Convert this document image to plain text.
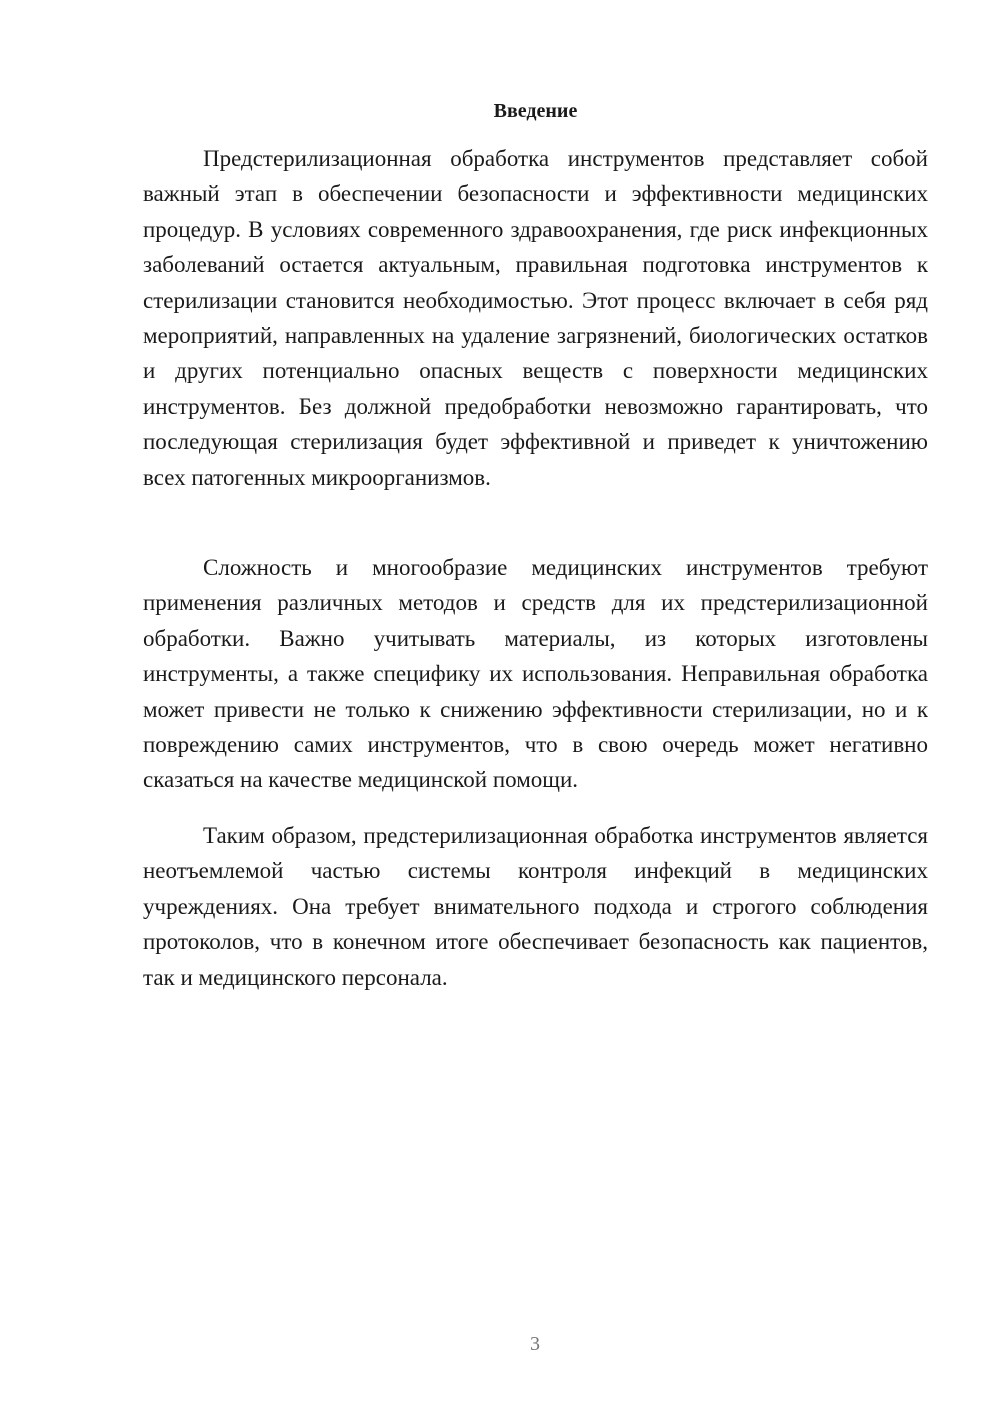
Введение

Предстерилизационная обработка инструментов представляет собой важный этап в обеспечении безопасности и эффективности медицинских процедур. В условиях современного здравоохранения, где риск инфекционных заболеваний остается актуальным, правильная подготовка инструментов к стерилизации становится необходимостью. Этот процесс включает в себя ряд мероприятий, направленных на удаление загрязнений, биологических остатков и других потенциально опасных веществ с поверхности медицинских инструментов. Без должной предобработки невозможно гарантировать, что последующая стерилизация будет эффективной и приведет к уничтожению всех патогенных микроорганизмов.

Сложность и многообразие медицинских инструментов требуют применения различных методов и средств для их предстерилизационной обработки. Важно учитывать материалы, из которых изготовлены инструменты, а также специфику их использования. Неправильная обработка может привести не только к снижению эффективности стерилизации, но и к повреждению самих инструментов, что в свою очередь может негативно сказаться на качестве медицинской помощи.

Таким образом, предстерилизационная обработка инструментов является неотъемлемой частью системы контроля инфекций в медицинских учреждениях. Она требует внимательного подхода и строгого соблюдения протоколов, что в конечном итоге обеспечивает безопасность как пациентов, так и медицинского персонала.

3
